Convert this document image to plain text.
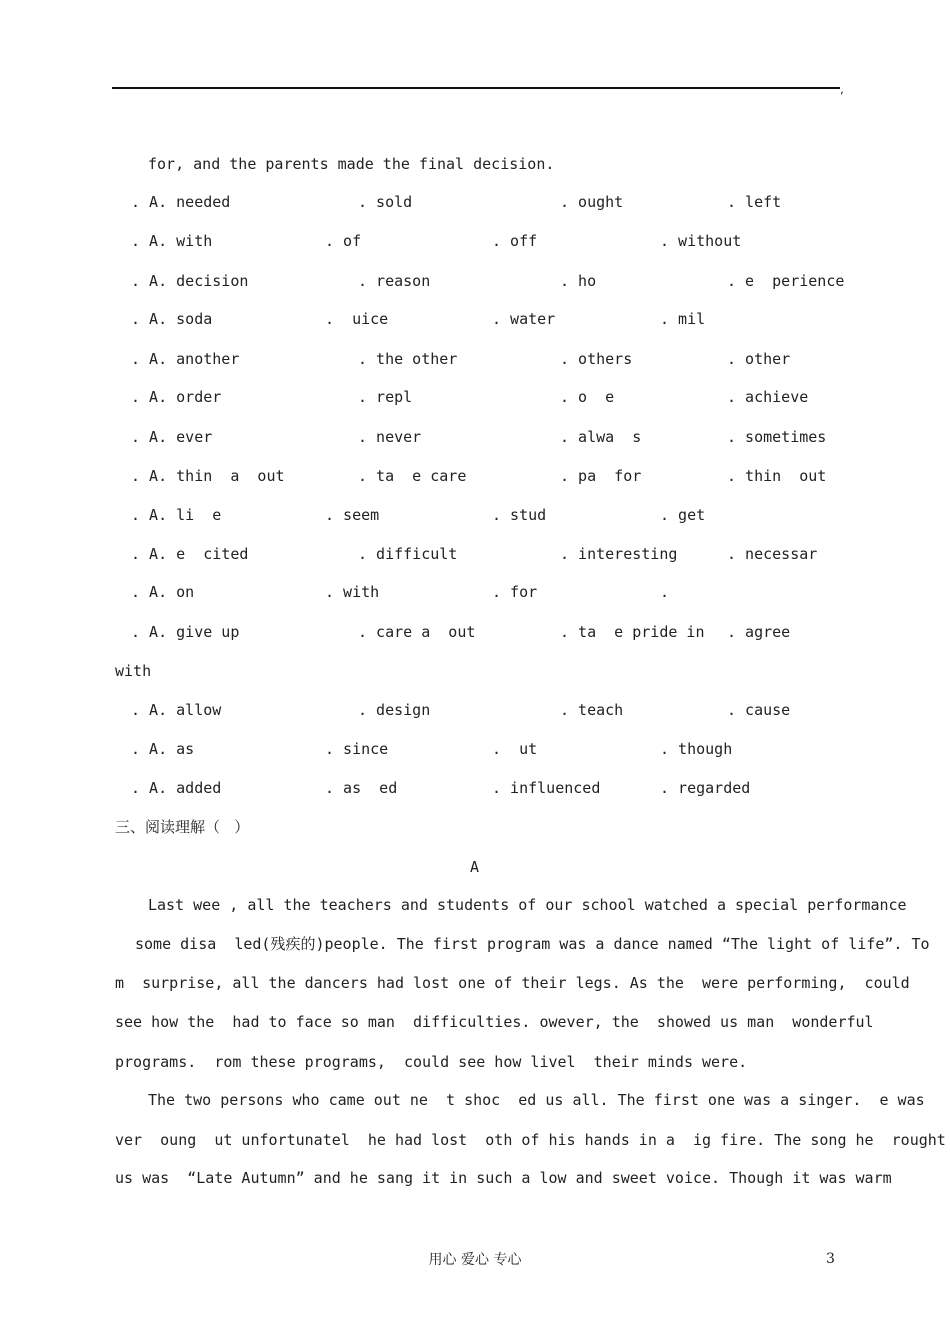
,
for, and the parents made the final decision.
. A. needed	. sold	. ought	. left
. A. with	. of	. off	. without
. A. decision	. reason	. ho	. e  perience
. A. soda	.  uice	. water	. mil
. A. another	. the other	. others	. other
. A. order	. repl	. o  e	. achieve
. A. ever	. never	. alwa  s	. sometimes
. A. thin  a  out	. ta  e care	. pa  for	. thin  out
. A. li  e	. seem	. stud	. get
. A. e  cited	. difficult	. interesting	. necessar
. A. on	. with	. for	.
. A. give up	. care a  out	. ta  e pride in . agree
. A. allow	. design	. teach	. cause
. A. as	. since	.  ut	. though
. A. added	. as  ed	. influenced	. regarded
with
三、阅读理解（   ）
A
Last wee , all the teachers and students of our school watched a special performance
some disa  led(残疾的)people. The first program was a dance named “The light of life”. To
m  surprise, all the dancers had lost one of their legs. As the  were performing,  could
see how the  had to face so man  difficulties. owever, the  showed us man  wonderful
programs.  rom these programs,  could see how livel  their minds were.
The two persons who came out ne  t shoc  ed us all. The first one was a singer.  e was
ver  oung  ut unfortunatel  he had lost  oth of his hands in a  ig fire. The song he  rought
us was  “Late Autumn” and he sang it in such a low and sweet voice. Though it was warm
用心 爱心 专心	3
